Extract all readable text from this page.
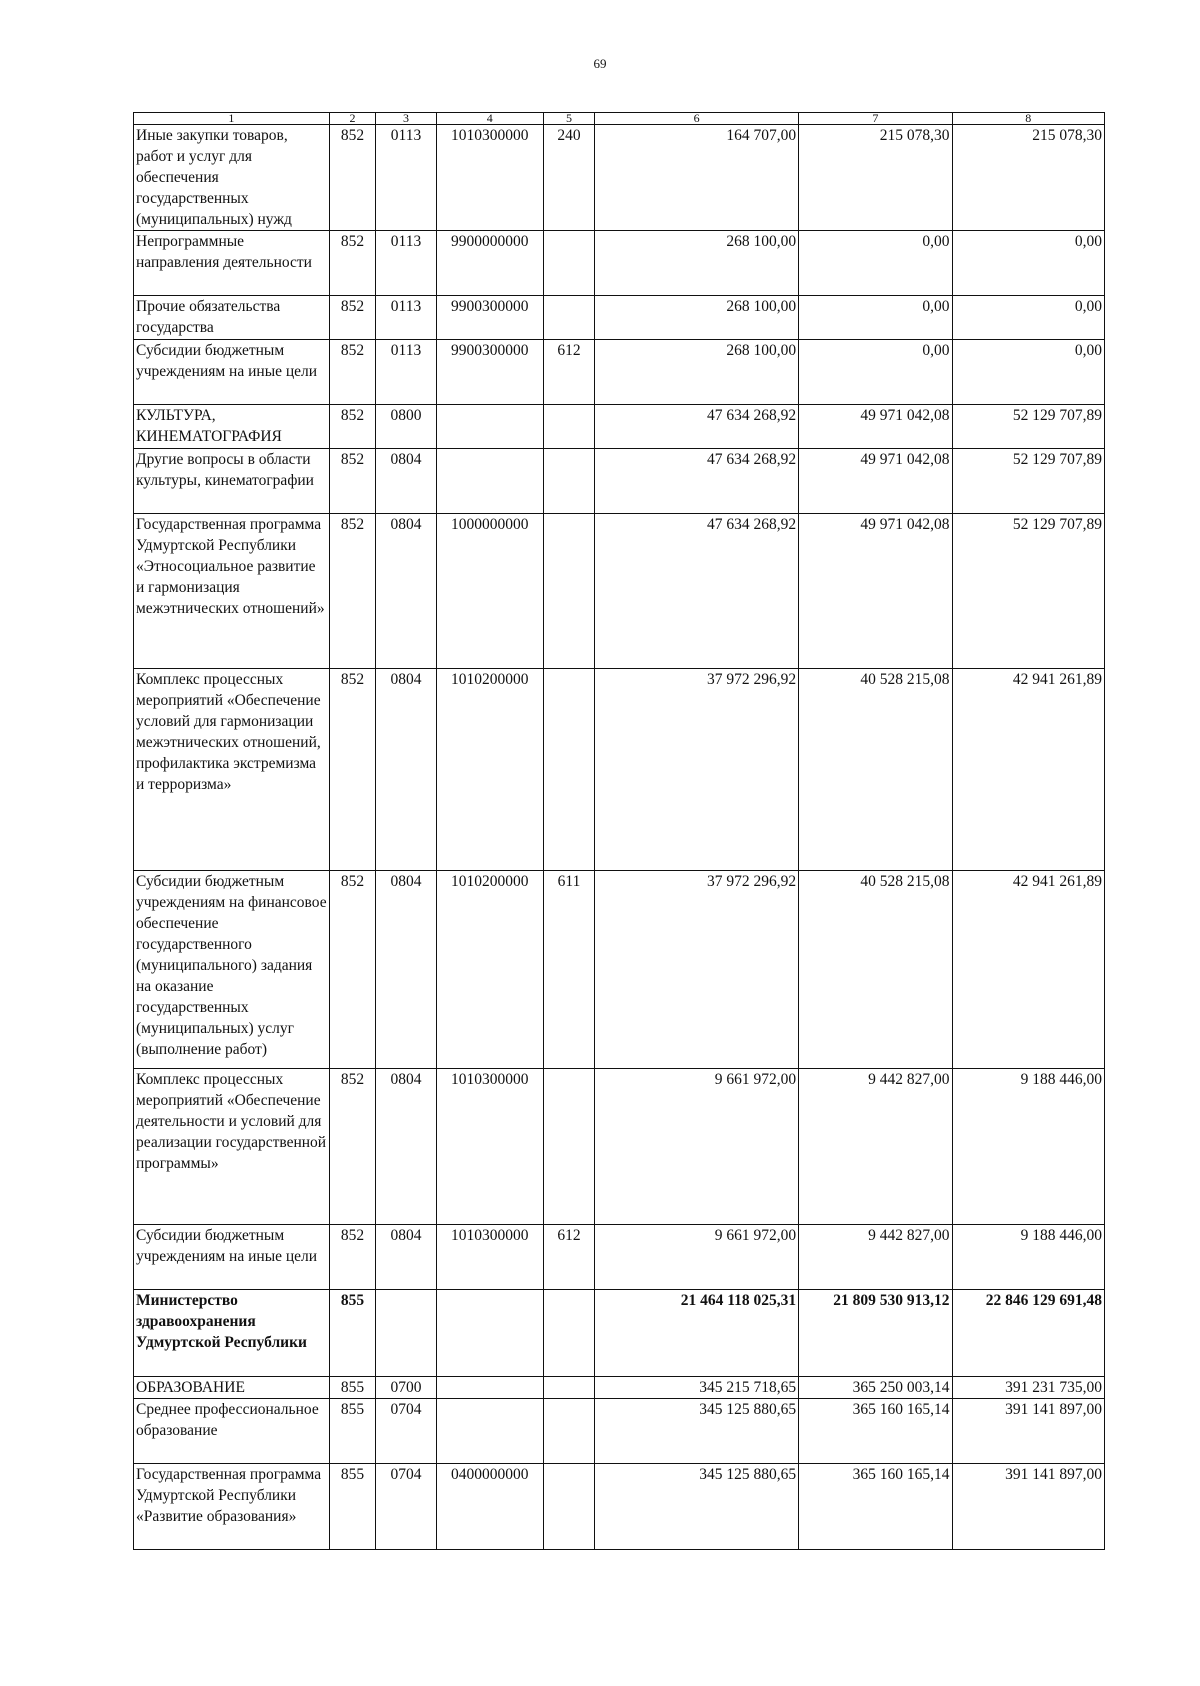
69
1	2	3	4	5	6	7	8
Иные закупки товаров, работ и услуг для обеспечения государственных (муниципальных) нужд	852	0113	1010300000	240	164 707,00	215 078,30	215 078,30
Непрограммные направления деятельности	852	0113	9900000000		268 100,00	0,00	0,00
Прочие обязательства государства	852	0113	9900300000		268 100,00	0,00	0,00
Субсидии бюджетным учреждениям на иные цели	852	0113	9900300000	612	268 100,00	0,00	0,00
КУЛЬТУРА, КИНЕМАТОГРАФИЯ	852	0800			47 634 268,92	49 971 042,08	52 129 707,89
Другие вопросы в области культуры, кинематографии	852	0804			47 634 268,92	49 971 042,08	52 129 707,89
Государственная программа Удмуртской Республики «Этносоциальное развитие и гармонизация межэтнических отношений»	852	0804	1000000000		47 634 268,92	49 971 042,08	52 129 707,89
Комплекс процессных мероприятий «Обеспечение условий для гармонизации межэтнических отношений, профилактика экстремизма и терроризма»	852	0804	1010200000		37 972 296,92	40 528 215,08	42 941 261,89
Субсидии бюджетным учреждениям на финансовое обеспечение государственного (муниципального) задания на оказание государственных (муниципальных) услуг (выполнение работ)	852	0804	1010200000	611	37 972 296,92	40 528 215,08	42 941 261,89
Комплекс процессных мероприятий «Обеспечение деятельности и условий для реализации государственной программы»	852	0804	1010300000		9 661 972,00	9 442 827,00	9 188 446,00
Субсидии бюджетным учреждениям на иные цели	852	0804	1010300000	612	9 661 972,00	9 442 827,00	9 188 446,00
Министерство здравоохранения Удмуртской Республики	855				21 464 118 025,31	21 809 530 913,12	22 846 129 691,48
ОБРАЗОВАНИЕ	855	0700			345 215 718,65	365 250 003,14	391 231 735,00
Среднее профессиональное образование	855	0704			345 125 880,65	365 160 165,14	391 141 897,00
Государственная программа Удмуртской Республики «Развитие образования»	855	0704	0400000000		345 125 880,65	365 160 165,14	391 141 897,00
